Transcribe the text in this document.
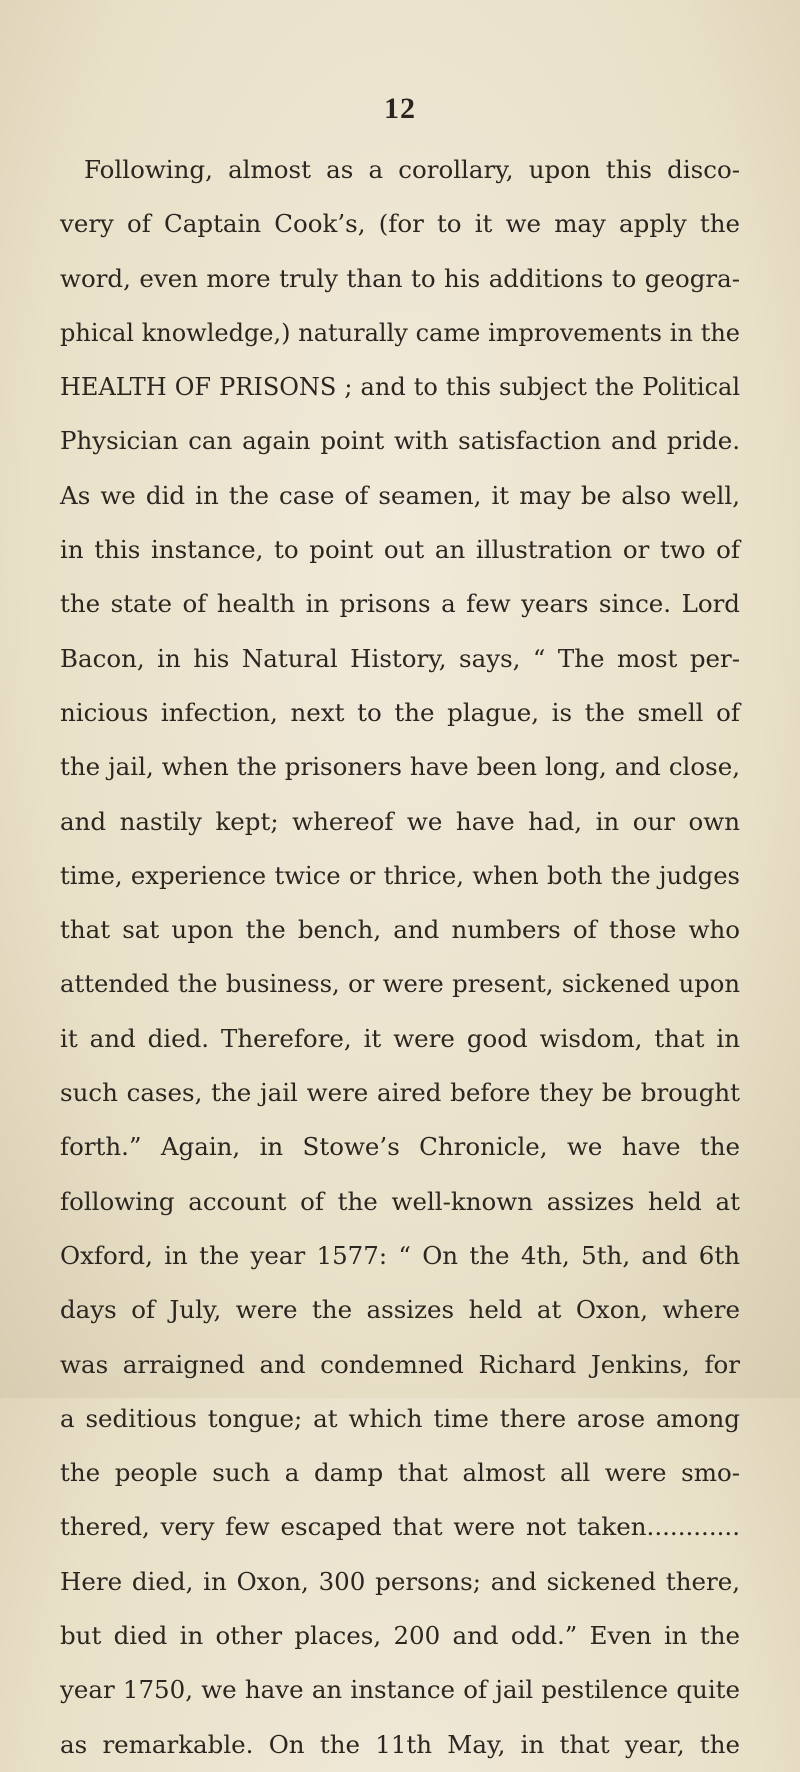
12
Following, almost as a corollary, upon this disco-
very of Captain Cook’s, (for to it we may apply the
word, even more truly than to his additions to geogra-
phical knowledge,) naturally came improvements in the
HEALTH OF PRISONS ; and to this subject the Political
Physician can again point with satisfaction and pride.
As we did in the case of seamen, it may be also well,
in this instance, to point out an illustration or two of
the state of health in prisons a few years since. Lord
Bacon, in his Natural History, says, “ The most per-
nicious infection, next to the plague, is the smell of
the jail, when the prisoners have been long, and close,
and nastily kept; whereof we have had, in our own
time, experience twice or thrice, when both the judges
that sat upon the bench, and numbers of those who
attended the business, or were present, sickened upon
it and died. Therefore, it were good wisdom, that in
such cases, the jail were aired before they be brought
forth.” Again, in Stowe’s Chronicle, we have the
following account of the well-known assizes held at
Oxford, in the year 1577: “ On the 4th, 5th, and 6th
days of July, were the assizes held at Oxon, where
was arraigned and condemned Richard Jenkins, for
a seditious tongue; at which time there arose among
the people such a damp that almost all were smo-
thered, very few escaped that were not taken............
Here died, in Oxon, 300 persons; and sickened there,
but died in other places, 200 and odd.” Even in the
year 1750, we have an instance of jail pestilence quite
as remarkable. On the 11th May, in that year, the
